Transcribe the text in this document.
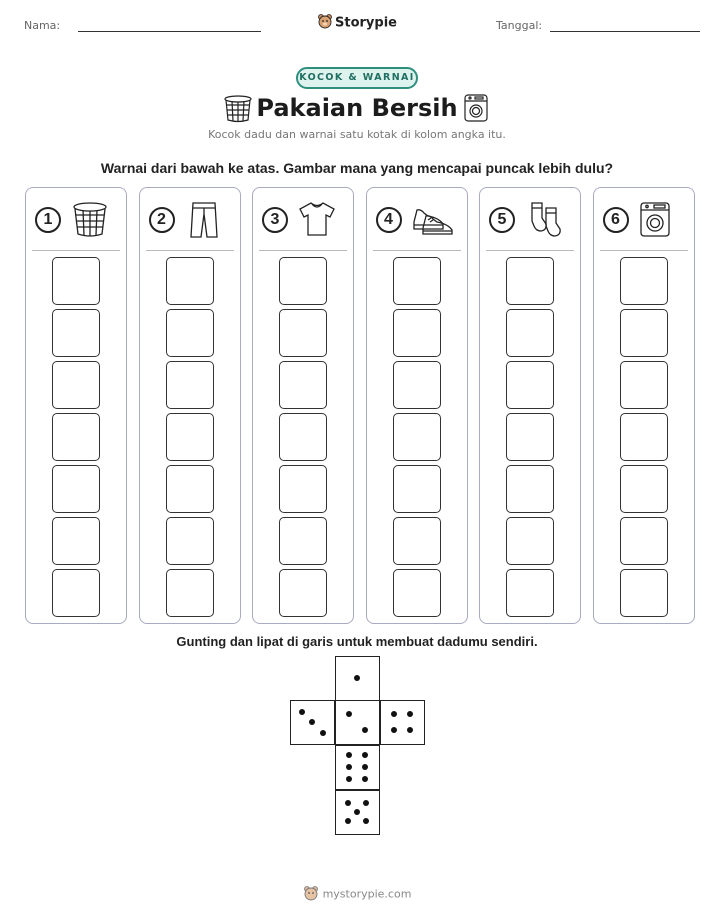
Nama:	Storypie	Tanggal:
KOCOK & WARNAI
Pakaian Bersih
Kocok dadu dan warnai satu kotak di kolom angka itu.
Warnai dari bawah ke atas. Gambar mana yang mencapai puncak lebih dulu?
1	2	3	4	5	6
Gunting dan lipat di garis untuk membuat dadumu sendiri.
mystorypie.com
